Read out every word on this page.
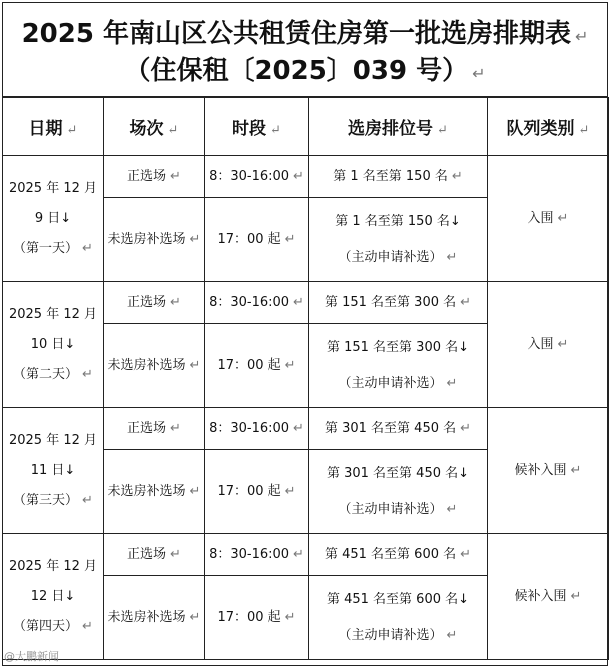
2025 年南山区公共租赁住房第一批选房排期表 ↵
（住保租〔2025〕039 号） ↵
日期 ↵	场次 ↵	时段 ↵	选房排位号 ↵	队列类别 ↵

2025 年 12 月
9 日↓
（第一天） ↵	正选场 ↵	8：30-16:00 ↵	第 1 名至第 150 名 ↵	入围 ↵
	未选房补选场 ↵	17：00 起 ↵	第 1 名至第 150 名↓
（主动申请补选） ↵	

2025 年 12 月
10 日↓
（第二天） ↵	正选场 ↵	8：30-16:00 ↵	第 151 名至第 300 名 ↵	入围 ↵
	未选房补选场 ↵	17：00 起 ↵	第 151 名至第 300 名↓
（主动申请补选） ↵	

2025 年 12 月
11 日↓
（第三天） ↵	正选场 ↵	8：30-16:00 ↵	第 301 名至第 450 名 ↵	候补入围 ↵
	未选房补选场 ↵	17：00 起 ↵	第 301 名至第 450 名↓
（主动申请补选） ↵	

2025 年 12 月
12 日↓
（第四天） ↵	正选场 ↵	8：30-16:00 ↵	第 451 名至第 600 名 ↵	候补入围 ↵
	未选房补选场 ↵	17：00 起 ↵	第 451 名至第 600 名↓
（主动申请补选） ↵	
@大鹏新闻
